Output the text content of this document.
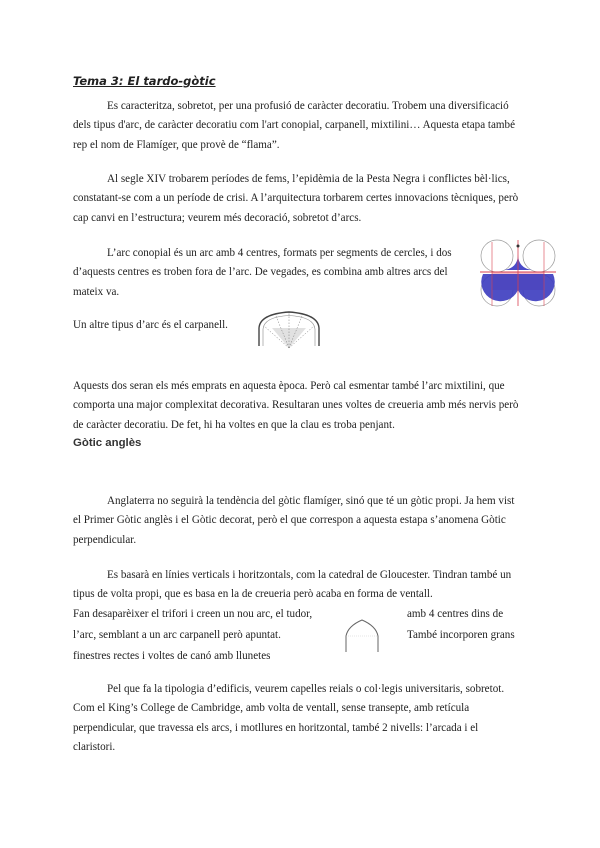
Tema 3: El tardo-gòtic

Es caracteritza, sobretot, per una profusió de caràcter decoratiu. Trobem una diversificació dels tipus d'arc, de caràcter decoratiu com l'art conopial, carpanell, mixtilini… Aquesta etapa també rep el nom de Flamíger, que provè de “flama”.

Al segle XIV trobarem períodes de fems, l’epidèmia de la Pesta Negra i conflictes bèl·lics, constatant-se com a un període de crisi. A l’arquitectura torbarem certes innovacions tècniques, però cap canvi en l’estructura; veurem més decoració, sobretot d’arcs.

L’arc conopial és un arc amb 4 centres, formats per segments de cercles, i dos d’aquests centres es troben fora de l’arc. De vegades, es combina amb altres arcs del mateix va.

Un altre tipus d’arc és el carpanell.

Aquests dos seran els més emprats en aquesta època. Però cal esmentar també l’arc mixtilini, que comporta una major complexitat decorativa. Resultaran unes voltes de creueria amb més nervis però de caràcter decoratiu. De fet, hi ha voltes en que la clau es troba penjant.

Gòtic anglès

Anglaterra no seguirà la tendència del gòtic flamíger, sinó que té un gòtic propi. Ja hem vist el Primer Gòtic anglès i el Gòtic decorat, però el que correspon a aquesta estapa s’anomena Gòtic perpendicular.

Es basarà en línies verticals i horitzontals, com la catedral de Gloucester. Tindran també un tipus de volta propi, que es basa en la de creueria però acaba en forma de ventall.

Fan desaparèixer el trifori i creen un nou arc, el tudor,	amb 4 centres dins de

l’arc, semblant a un arc carpanell però apuntat.	També incorporen grans

finestres rectes i voltes de canó amb llunetes

Pel que fa la tipologia d’edificis, veurem capelles reials o col·legis universitaris, sobretot. Com el King’s College de Cambridge, amb volta de ventall, sense transepte, amb retícula perpendicular, que travessa els arcs, i motllures en horitzontal, també 2 nivells: l’arcada i el claristori.
